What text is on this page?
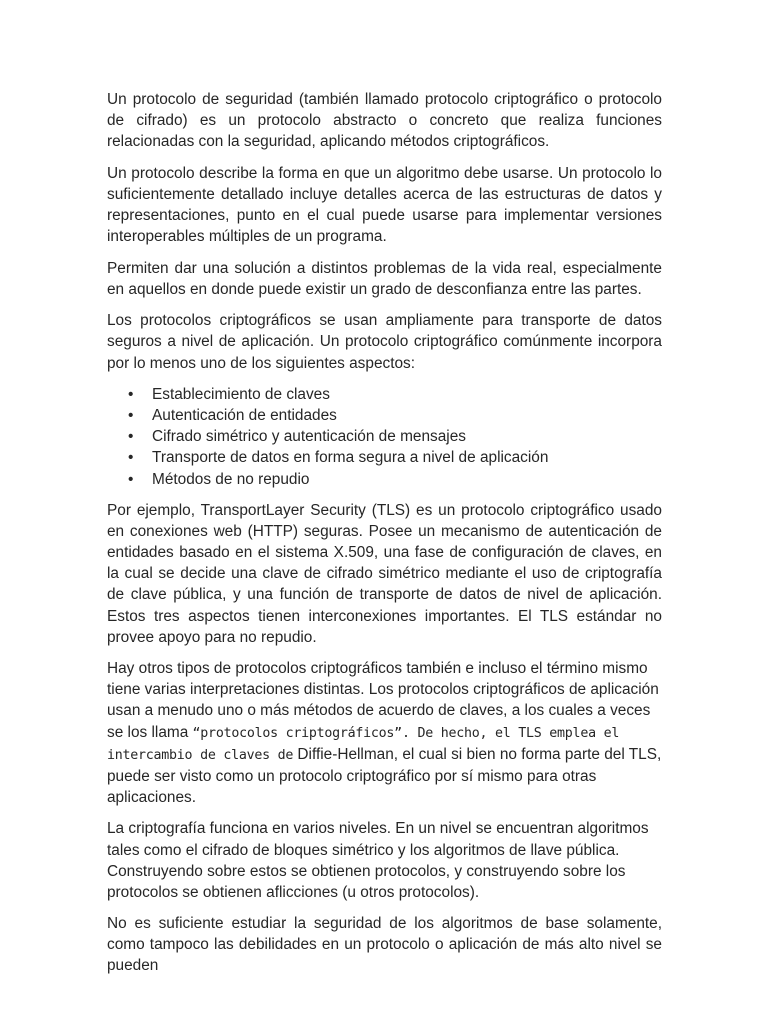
Un protocolo de seguridad (también llamado protocolo criptográfico o protocolo de cifrado) es un protocolo abstracto o concreto que realiza funciones relacionadas con la seguridad, aplicando métodos criptográficos.

Un protocolo describe la forma en que un algoritmo debe usarse. Un protocolo lo suficientemente detallado incluye detalles acerca de las estructuras de datos y representaciones, punto en el cual puede usarse para implementar versiones interoperables múltiples de un programa.

Permiten dar una solución a distintos problemas de la vida real, especialmente en aquellos en donde puede existir un grado de desconfianza entre las partes.

Los protocolos criptográficos se usan ampliamente para transporte de datos seguros a nivel de aplicación. Un protocolo criptográfico comúnmente incorpora por lo menos uno de los siguientes aspectos:

• Establecimiento de claves
• Autenticación de entidades
• Cifrado simétrico y autenticación de mensajes
• Transporte de datos en forma segura a nivel de aplicación
• Métodos de no repudio

Por ejemplo, TransportLayer Security (TLS) es un protocolo criptográfico usado en conexiones web (HTTP) seguras. Posee un mecanismo de autenticación de entidades basado en el sistema X.509, una fase de configuración de claves, en la cual se decide una clave de cifrado simétrico mediante el uso de criptografía de clave pública, y una función de transporte de datos de nivel de aplicación. Estos tres aspectos tienen interconexiones importantes. El TLS estándar no provee apoyo para no repudio.

Hay otros tipos de protocolos criptográficos también e incluso el término mismo tiene varias interpretaciones distintas. Los protocolos criptográficos de aplicación usan a menudo uno o más métodos de acuerdo de claves, a los cuales a veces se los llama “protocolos criptográficos”. De hecho, el TLS emplea el intercambio de claves de Diffie-Hellman, el cual si bien no forma parte del TLS, puede ser visto como un protocolo criptográfico por sí mismo para otras aplicaciones.

La criptografía funciona en varios niveles. En un nivel se encuentran algoritmos tales como el cifrado de bloques simétrico y los algoritmos de llave pública. Construyendo sobre estos se obtienen protocolos, y construyendo sobre los protocolos se obtienen aflicciones (u otros protocolos).

No es suficiente estudiar la seguridad de los algoritmos de base solamente, como tampoco las debilidades en un protocolo o aplicación de más alto nivel se pueden
